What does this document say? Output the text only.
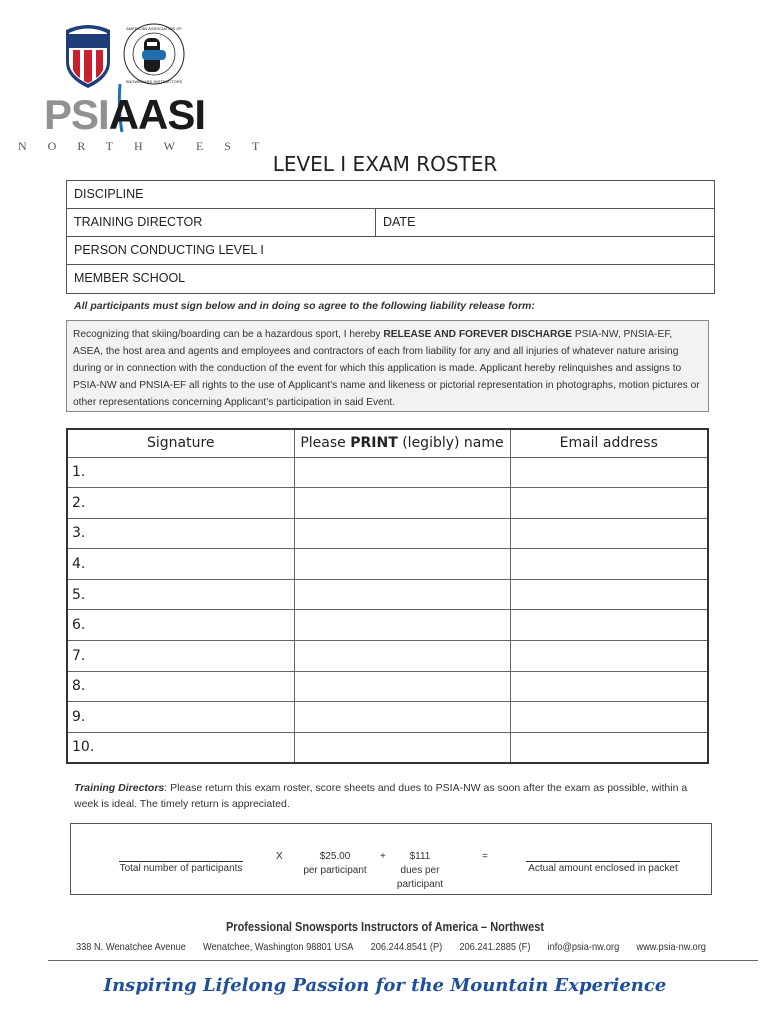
AMERICAN ASSOCIATION OF
SNOWBOARD INSTRUCTORS
PSIAASI
NORTHWEST
LEVEL I EXAM ROSTER
DISCIPLINE
TRAINING DIRECTOR	DATE
PERSON CONDUCTING LEVEL I
MEMBER SCHOOL
All participants must sign below and in doing so agree to the following liability release form:
Recognizing that skiing/boarding can be a hazardous sport, I hereby RELEASE AND FOREVER DISCHARGE PSIA-NW, PNSIA-EF, ASEA, the host area and agents and employees and contractors of each from liability for any and all injuries of whatever nature arising during or in connection with the conduction of the event for which this application is made. Applicant hereby relinquishes and assigns to PSIA-NW and PNSIA-EF all rights to the use of Applicant’s name and likeness or pictorial representation in photographs, motion pictures or other representations concerning Applicant’s participation in said Event.
Signature	Please PRINT (legibly) name	Email address
1.		
2.		
3.		
4.		
5.		
6.		
7.		
8.		
9.		
10.		
Training Directors: Please return this exam roster, score sheets and dues to PSIA-NW as soon after the exam as possible, within a week is ideal. The timely return is appreciated.
Total number of participants
X	$25.00
per participant
+	$111
dues per
participant
=
Actual amount enclosed in packet
Professional Snowsports Instructors of America – Northwest
338 N. Wenatchee Avenue Wenatchee, Washington 98801 USA 206.244.8541 (P) 206.241.2885 (F) info@psia-nw.org www.psia-nw.org
Inspiring Lifelong Passion for the Mountain Experience
